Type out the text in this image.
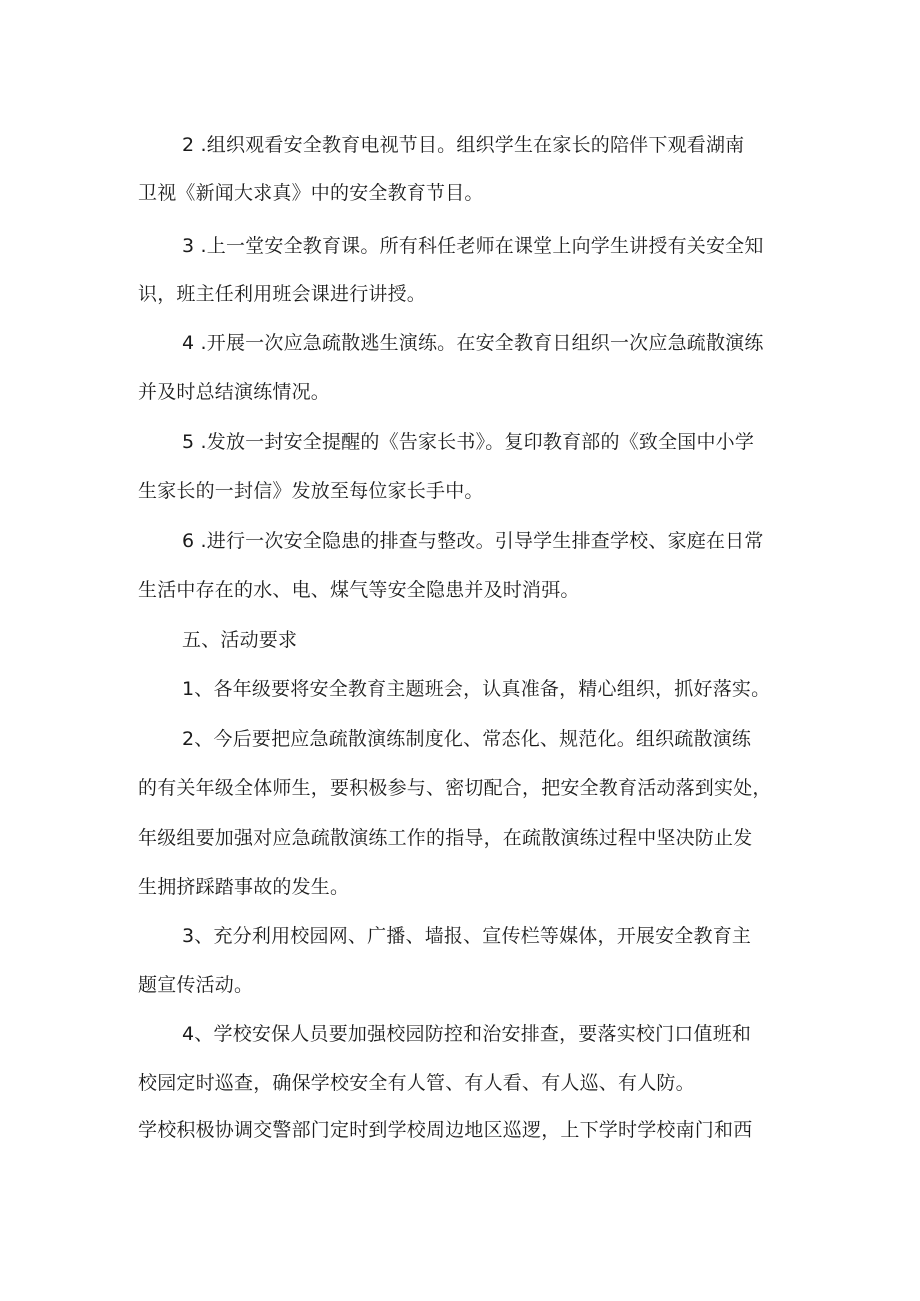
2 .组织观看安全教育电视节目。组织学生在家长的陪伴下观看湖南
卫视《新闻大求真》中的安全教育节目。
3 .上一堂安全教育课。所有科任老师在课堂上向学生讲授有关安全知
识，班主任利用班会课进行讲授。
4 .开展一次应急疏散逃生演练。在安全教育日组织一次应急疏散演练
并及时总结演练情况。
5 .发放一封安全提醒的《告家长书》。复印教育部的《致全国中小学
生家长的一封信》发放至每位家长手中。
6 .进行一次安全隐患的排查与整改。引导学生排查学校、家庭在日常
生活中存在的水、电、煤气等安全隐患并及时消弭。
五、活动要求
1、各年级要将安全教育主题班会，认真准备，精心组织，抓好落实。
2、今后要把应急疏散演练制度化、常态化、规范化。组织疏散演练
的有关年级全体师生，要积极参与、密切配合，把安全教育活动落到实处，
年级组要加强对应急疏散演练工作的指导，在疏散演练过程中坚决防止发
生拥挤踩踏事故的发生。
3、充分利用校园网、广播、墙报、宣传栏等媒体，开展安全教育主
题宣传活动。
4、学校安保人员要加强校园防控和治安排查，要落实校门口值班和
校园定时巡查，确保学校安全有人管、有人看、有人巡、有人防。
学校积极协调交警部门定时到学校周边地区巡逻，上下学时学校南门和西
